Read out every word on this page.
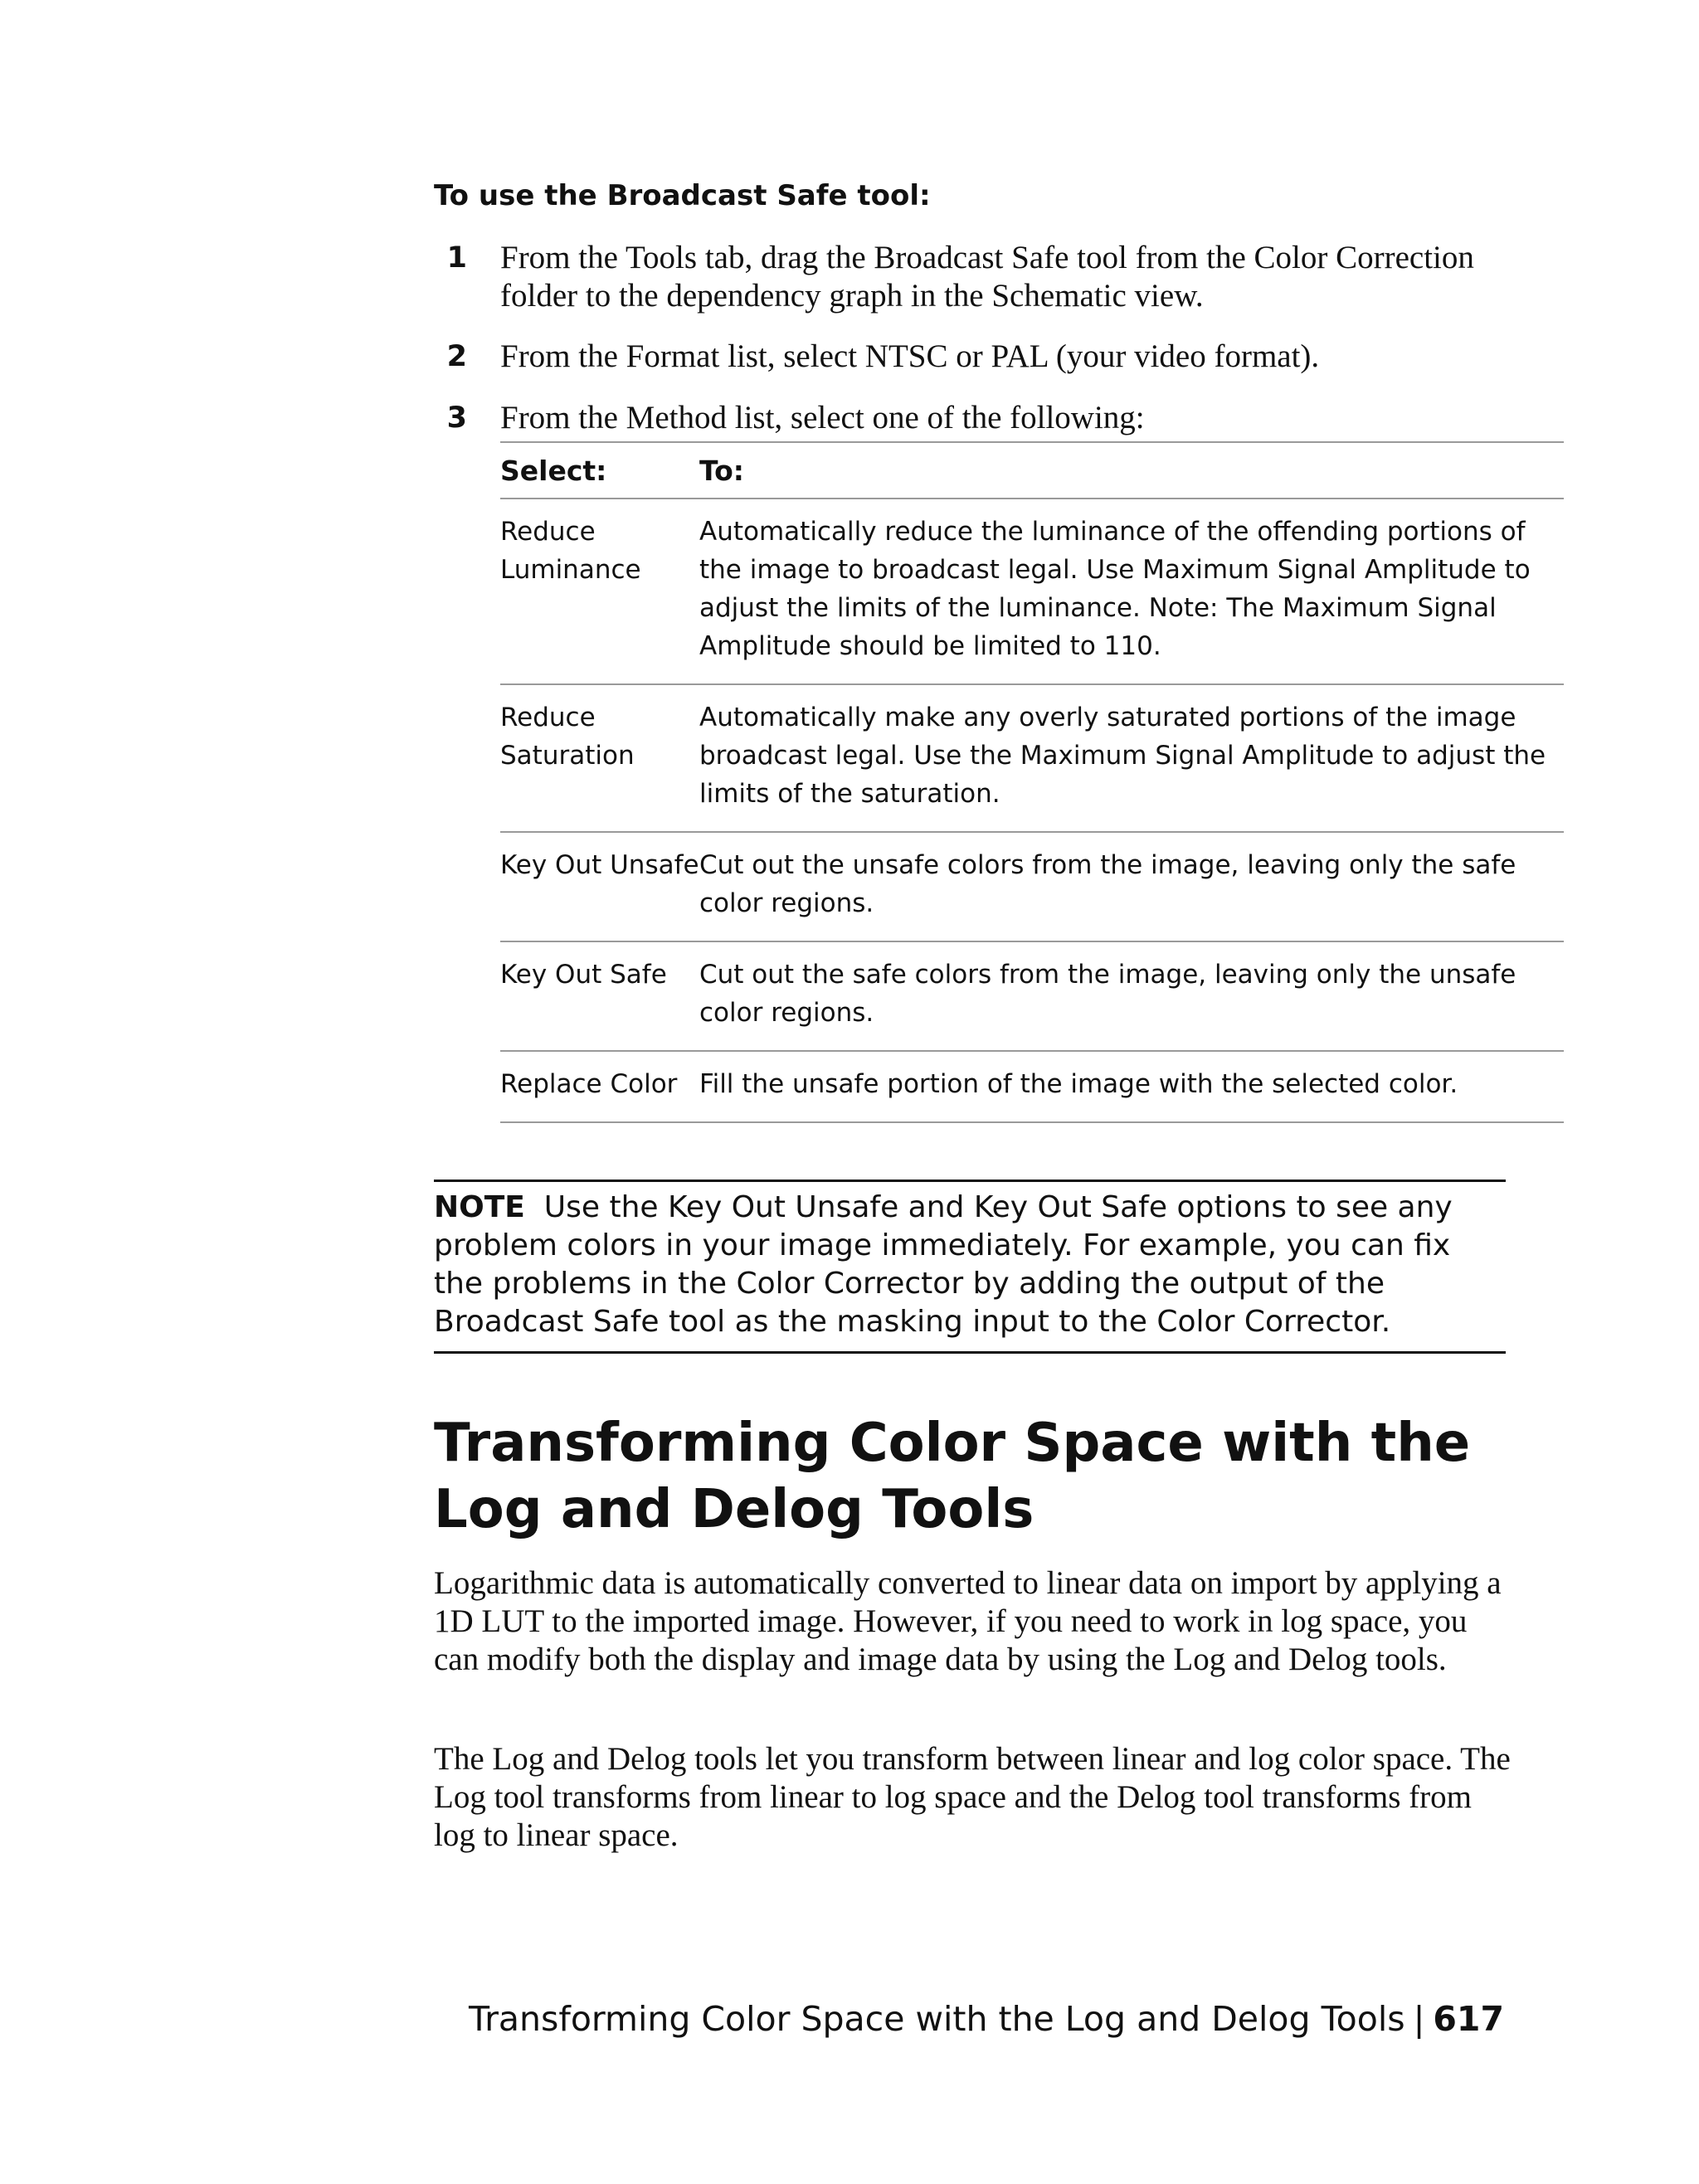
To use the Broadcast Safe tool:
1 From the Tools tab, drag the Broadcast Safe tool from the Color Correction folder to the dependency graph in the Schematic view.
2 From the Format list, select NTSC or PAL (your video format).
3 From the Method list, select one of the following:
Select:	To:
Reduce Luminance
Automatically reduce the luminance of the offending portions of the image to broadcast legal. Use Maximum Signal Amplitude to adjust the limits of the luminance. Note: The Maximum Signal Amplitude should be limited to 110.
Reduce Saturation
Automatically make any overly saturated portions of the image broadcast legal. Use the Maximum Signal Amplitude to adjust the limits of the saturation.
Key Out Unsafe Cut out the unsafe colors from the image, leaving only the safe color regions.
Key Out Safe	Cut out the safe colors from the image, leaving only the unsafe color regions.
Replace Color Fill the unsafe portion of the image with the selected color.
NOTE Use the Key Out Unsafe and Key Out Safe options to see any problem colors in your image immediately. For example, you can fix the problems in the Color Corrector by adding the output of the Broadcast Safe tool as the masking input to the Color Corrector.
Transforming Color Space with the Log and Delog Tools
Logarithmic data is automatically converted to linear data on import by applying a 1D LUT to the imported image. However, if you need to work in log space, you can modify both the display and image data by using the Log and Delog tools.
The Log and Delog tools let you transform between linear and log color space. The Log tool transforms from linear to log space and the Delog tool transforms from log to linear space.
Transforming Color Space with the Log and Delog Tools | 617
